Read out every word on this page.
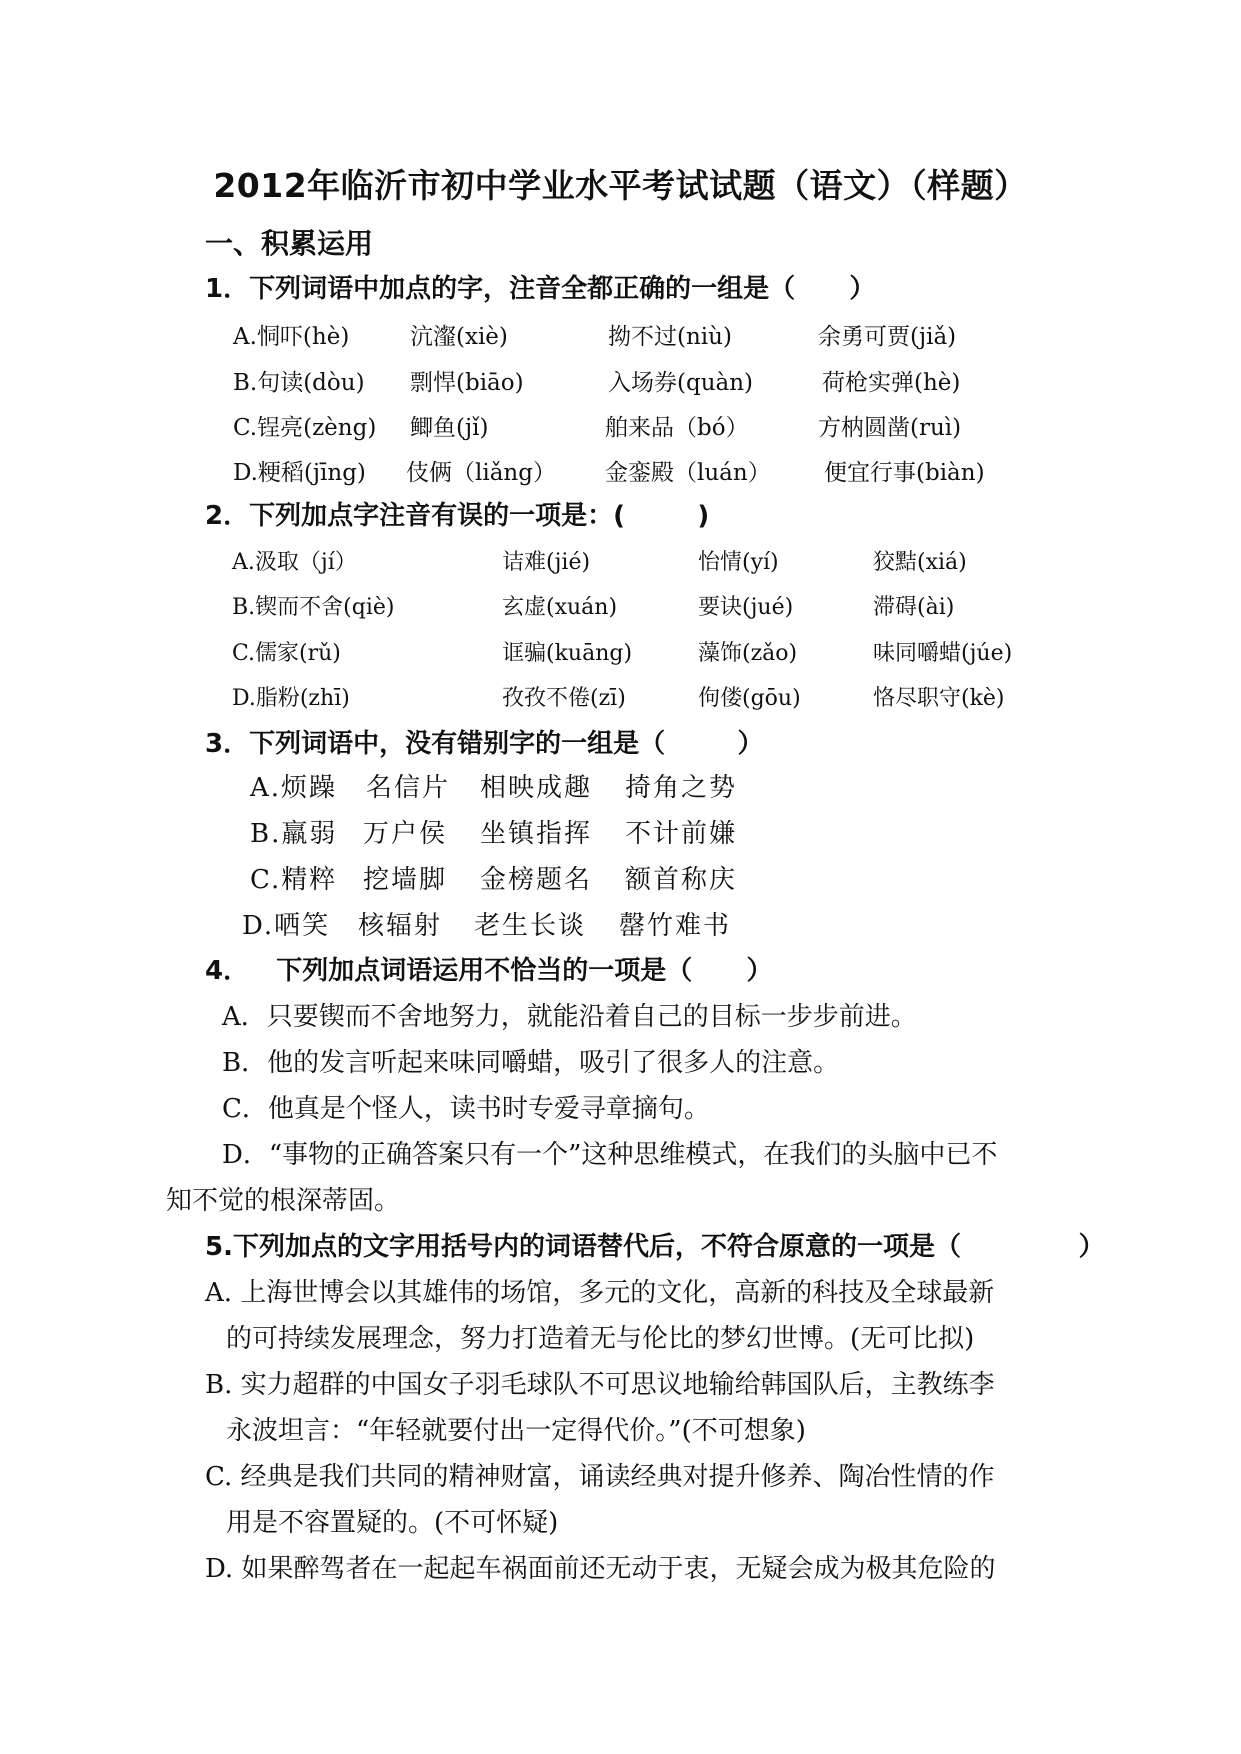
2012年临沂市初中学业水平考试试题（语文）（样题）
一、积累运用
1．下列词语中加点的字，注音全都正确的一组是（      ）
A.恫吓(hè)	沆瀣(xiè)	拗不过(niù)	余勇可贾(jiǎ)
B.句读(dòu) 剽悍(biāo)	入场券(quàn)	荷枪实弹(hè)
C.锃亮(zèng) 鲫鱼(jǐ)	舶来品（bó）	方枘圆凿(ruì)
D.粳稻(jīng) 伎俩（liǎng） 金銮殿（luán） 便宜行事(biàn)
2．下列加点字注音有误的一项是：(        )
A.汲取（jí）	诘难(jié)	怡情(yí)	狡黠(xiá)
B.锲而不舍(qiè)	玄虚(xuán)	要诀(jué)	滞碍(ài)
C.儒家(rǔ)	诓骗(kuāng)	藻饰(zǎo)	味同嚼蜡(júe)
D.脂粉(zhī)	孜孜不倦(zī)	佝偻(gōu)	恪尽职守(kè)
3．下列词语中，没有错别字的一组是（        ）
A.烦躁 名信片 相映成趣 掎角之势
B.羸弱 万户侯 坐镇指挥 不计前嫌
C.精粹 挖墙脚 金榜题名 额首称庆
D.哂笑 核辐射 老生长谈 罄竹难书
4．   下列加点词语运用不恰当的一项是（      ）
A．只要锲而不舍地努力，就能沿着自己的目标一步步前进。
B．他的发言听起来味同嚼蜡，吸引了很多人的注意。
C．他真是个怪人，读书时专爱寻章摘句。
D．“事物的正确答案只有一个”这种思维模式，在我们的头脑中已不
知不觉的根深蒂固。
5.下列加点的文字用括号内的词语替代后，不符合原意的一项是（             ）
A. 上海世博会以其雄伟的场馆，多元的文化，高新的科技及全球最新
的可持续发展理念，努力打造着无与伦比的梦幻世博。(无可比拟)
B. 实力超群的中国女子羽毛球队不可思议地输给韩国队后，主教练李
永波坦言：“年轻就要付出一定得代价。”(不可想象)
C. 经典是我们共同的精神财富，诵读经典对提升修养、陶冶性情的作
用是不容置疑的。(不可怀疑)
D. 如果醉驾者在一起起车祸面前还无动于衷，无疑会成为极其危险的
